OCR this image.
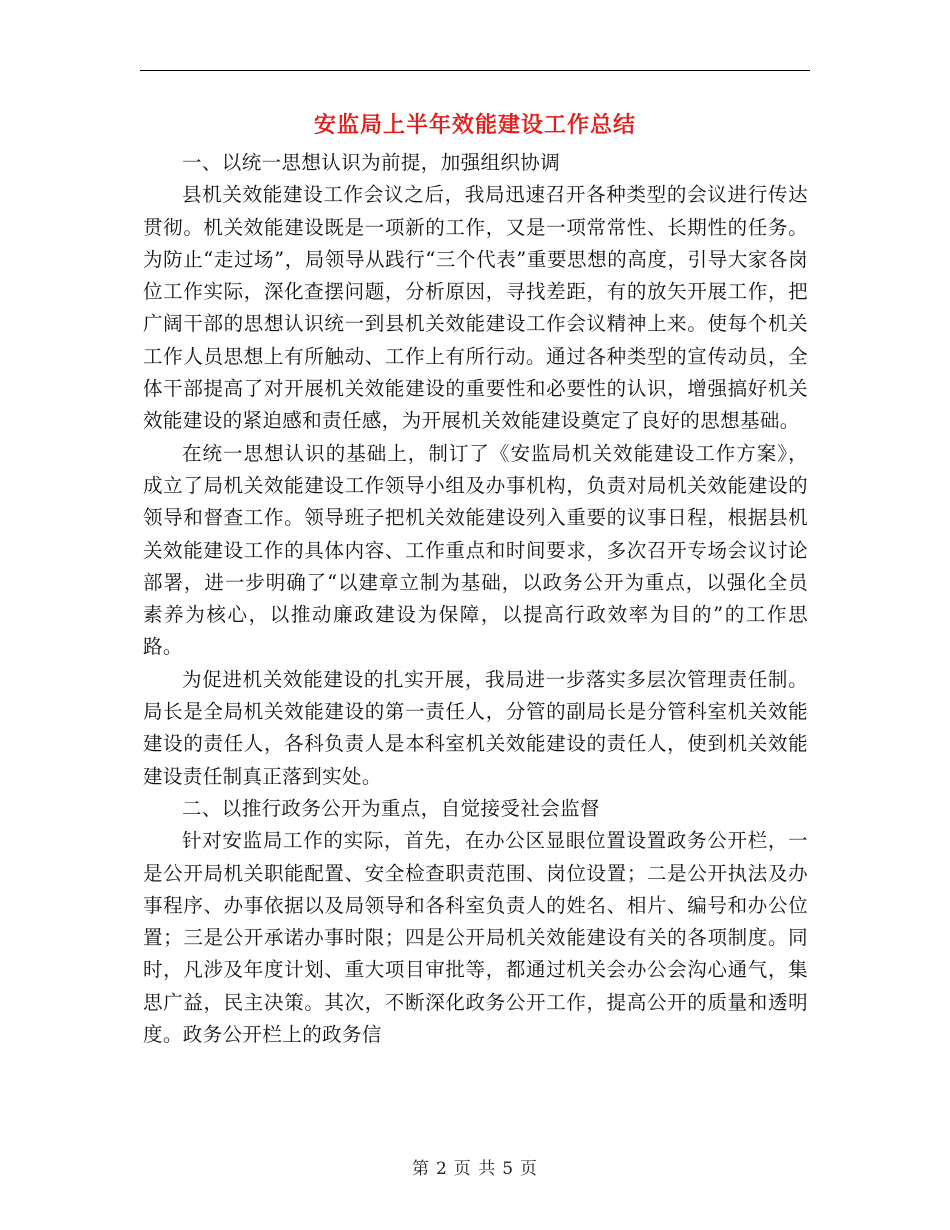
安监局上半年效能建设工作总结

一、以统一思想认识为前提，加强组织协调

县机关效能建设工作会议之后，我局迅速召开各种类型的会议进行传达贯彻。机关效能建设既是一项新的工作，又是一项常常性、长期性的任务。为防止“走过场”，局领导从践行“三个代表”重要思想的高度，引导大家各岗位工作实际，深化查摆问题，分析原因，寻找差距，有的放矢开展工作，把广阔干部的思想认识统一到县机关效能建设工作会议精神上来。使每个机关工作人员思想上有所触动、工作上有所行动。通过各种类型的宣传动员，全体干部提高了对开展机关效能建设的重要性和必要性的认识，增强搞好机关效能建设的紧迫感和责任感，为开展机关效能建设奠定了良好的思想基础。

在统一思想认识的基础上，制订了《安监局机关效能建设工作方案》，成立了局机关效能建设工作领导小组及办事机构，负责对局机关效能建设的领导和督查工作。领导班子把机关效能建设列入重要的议事日程，根据县机关效能建设工作的具体内容、工作重点和时间要求，多次召开专场会议讨论部署，进一步明确了“以建章立制为基础，以政务公开为重点，以强化全员素养为核心，以推动廉政建设为保障，以提高行政效率为目的”的工作思路。

为促进机关效能建设的扎实开展，我局进一步落实多层次管理责任制。局长是全局机关效能建设的第一责任人，分管的副局长是分管科室机关效能建设的责任人，各科负责人是本科室机关效能建设的责任人，使到机关效能建设责任制真正落到实处。

二、以推行政务公开为重点，自觉接受社会监督

针对安监局工作的实际，首先，在办公区显眼位置设置政务公开栏，一是公开局机关职能配置、安全检查职责范围、岗位设置；二是公开执法及办事程序、办事依据以及局领导和各科室负责人的姓名、相片、编号和办公位置；三是公开承诺办事时限；四是公开局机关效能建设有关的各项制度。同时，凡涉及年度计划、重大项目审批等，都通过机关会办公会沟心通气，集思广益，民主决策。其次，不断深化政务公开工作，提高公开的质量和透明度。政务公开栏上的政务信

第 2 页 共 5 页
